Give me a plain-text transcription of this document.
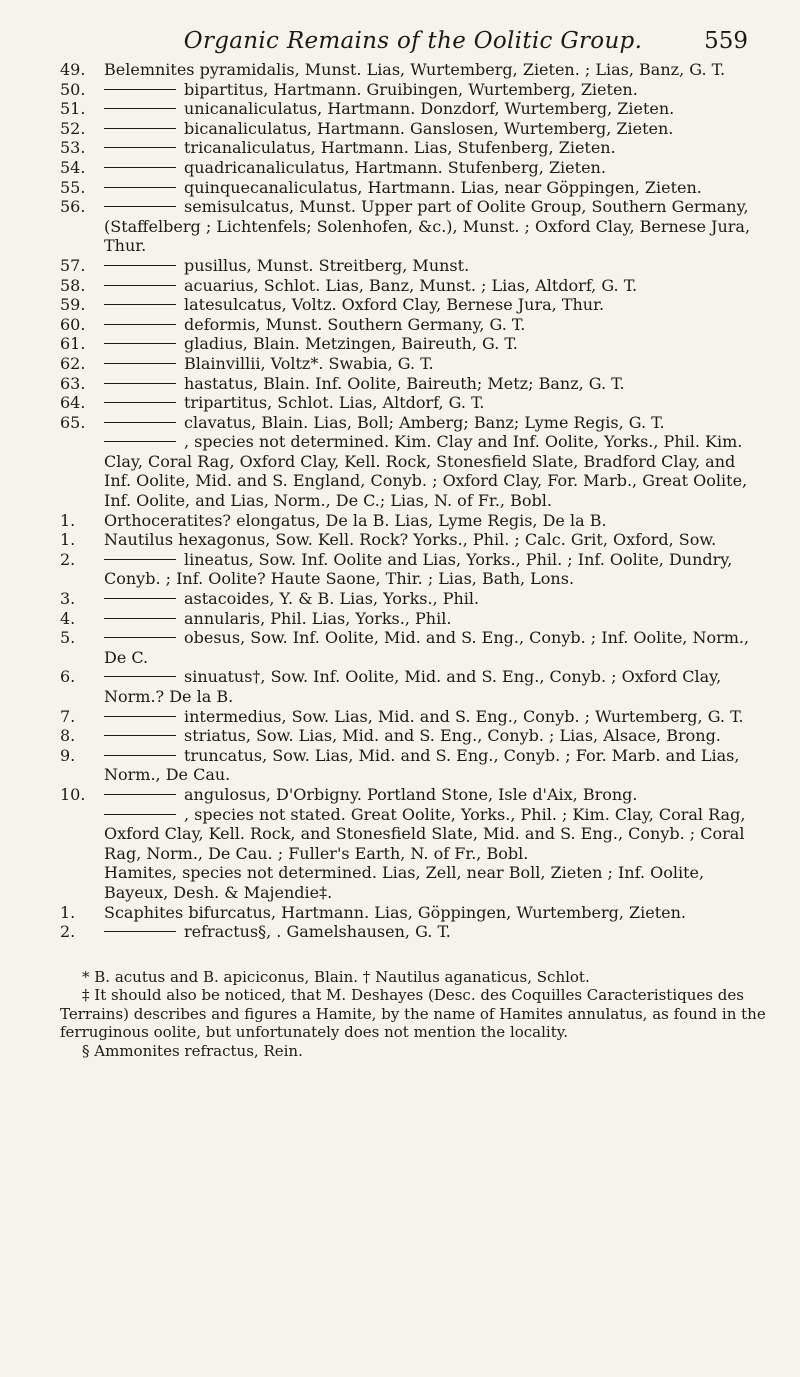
Organic Remains of the Oolitic Group.	559
49.	Belemnites pyramidalis, Munst. Lias, Wurtemberg, Zieten. ; Lias, Banz, G. T.
50.	bipartitus, Hartmann. Gruibingen, Wurtemberg, Zieten.
51.	unicanaliculatus, Hartmann. Donzdorf, Wurtemberg, Zieten.
52.	bicanaliculatus, Hartmann. Ganslosen, Wurtemberg, Zieten.
53.	tricanaliculatus, Hartmann. Lias, Stufenberg, Zieten.
54.	quadricanaliculatus, Hartmann. Stufenberg, Zieten.
55.	quinquecanaliculatus, Hartmann. Lias, near Göppingen, Zieten.
56.	semisulcatus, Munst. Upper part of Oolite Group, Southern Germany, (Staffelberg ; Lichtenfels; Solenhofen, &c.), Munst. ; Oxford Clay, Bernese Jura, Thur.
57.	pusillus, Munst. Streitberg, Munst.
58.	acuarius, Schlot. Lias, Banz, Munst. ; Lias, Altdorf, G. T.
59.	latesulcatus, Voltz. Oxford Clay, Bernese Jura, Thur.
60.	deformis, Munst. Southern Germany, G. T.
61.	gladius, Blain. Metzingen, Baireuth, G. T.
62.	Blainvillii, Voltz*. Swabia, G. T.
63.	hastatus, Blain. Inf. Oolite, Baireuth; Metz; Banz, G. T.
64.	tripartitus, Schlot. Lias, Altdorf, G. T.
65.	clavatus, Blain. Lias, Boll; Amberg; Banz; Lyme Regis, G. T.
, species not determined. Kim. Clay and Inf. Oolite, Yorks., Phil. Kim. Clay, Coral Rag, Oxford Clay, Kell. Rock, Stonesfield Slate, Bradford Clay, and Inf. Oolite, Mid. and S. England, Conyb. ; Oxford Clay, For. Marb., Great Oolite, Inf. Oolite, and Lias, Norm., De C.; Lias, N. of Fr., Bobl.
1.	Orthoceratites? elongatus, De la B. Lias, Lyme Regis, De la B.
1.	Nautilus hexagonus, Sow. Kell. Rock? Yorks., Phil. ; Calc. Grit, Oxford, Sow.
2.	lineatus, Sow. Inf. Oolite and Lias, Yorks., Phil. ; Inf. Oolite, Dundry, Conyb. ; Inf. Oolite? Haute Saone, Thir. ; Lias, Bath, Lons.
3.	astacoides, Y. & B. Lias, Yorks., Phil.
4.	annularis, Phil. Lias, Yorks., Phil.
5.	obesus, Sow. Inf. Oolite, Mid. and S. Eng., Conyb. ; Inf. Oolite, Norm., De C.
6.	sinuatus†, Sow. Inf. Oolite, Mid. and S. Eng., Conyb. ; Oxford Clay, Norm.? De la B.
7.	intermedius, Sow. Lias, Mid. and S. Eng., Conyb. ; Wurtemberg, G. T.
8.	striatus, Sow. Lias, Mid. and S. Eng., Conyb. ; Lias, Alsace, Brong.
9.	truncatus, Sow. Lias, Mid. and S. Eng., Conyb. ; For. Marb. and Lias, Norm., De Cau.
10.	angulosus, D'Orbigny. Portland Stone, Isle d'Aix, Brong.
, species not stated. Great Oolite, Yorks., Phil. ; Kim. Clay, Coral Rag, Oxford Clay, Kell. Rock, and Stonesfield Slate, Mid. and S. Eng., Conyb. ; Coral Rag, Norm., De Cau. ; Fuller's Earth, N. of Fr., Bobl.
Hamites, species not determined. Lias, Zell, near Boll, Zieten ; Inf. Oolite, Bayeux, Desh. & Majendie‡.
1.	Scaphites bifurcatus, Hartmann. Lias, Göppingen, Wurtemberg, Zieten.
2.	refractus§, . Gamelshausen, G. T.
* B. acutus and B. apiciconus, Blain. † Nautilus aganaticus, Schlot.
‡ It should also be noticed, that M. Deshayes (Desc. des Coquilles Caracteristiques des Terrains) describes and figures a Hamite, by the name of Hamites annulatus, as found in the ferruginous oolite, but unfortunately does not mention the locality.
§ Ammonites refractus, Rein.
